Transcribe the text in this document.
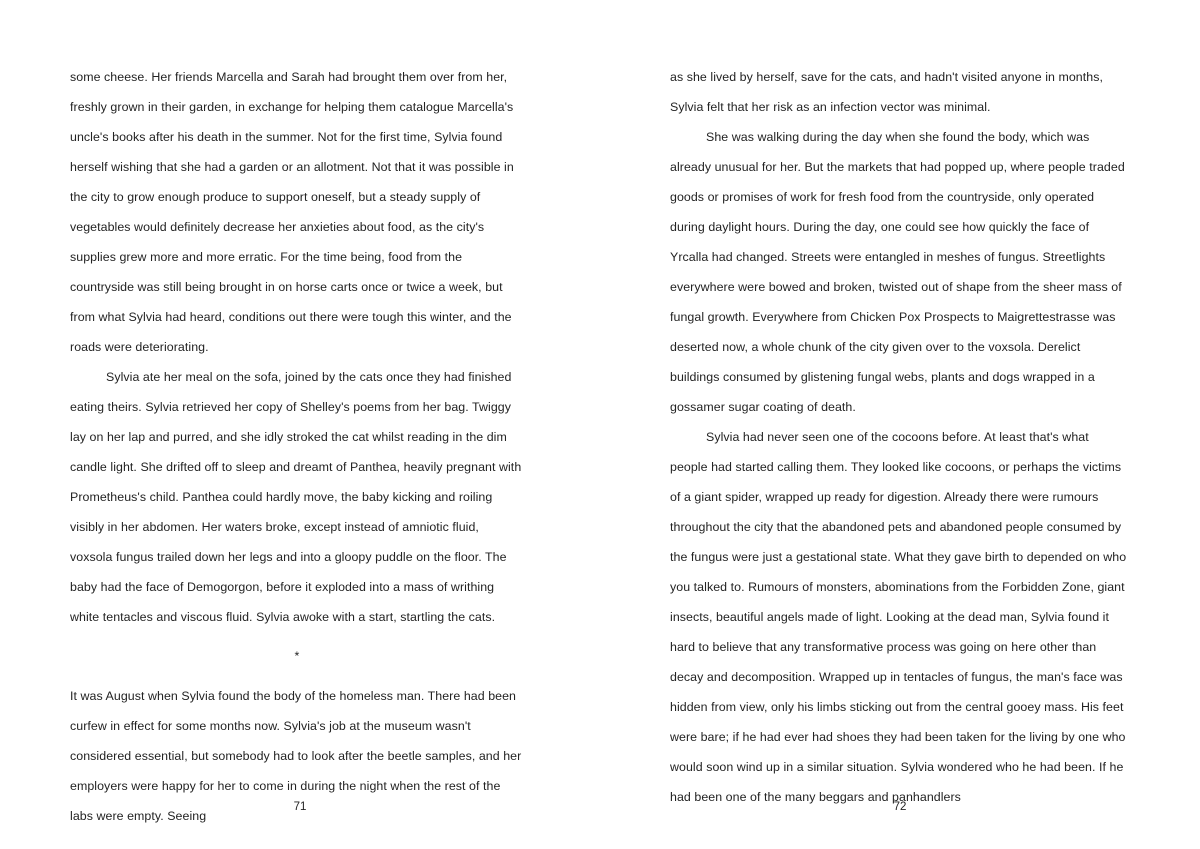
some cheese. Her friends Marcella and Sarah had brought them over from her, freshly grown in their garden, in exchange for helping them catalogue Marcella's uncle's books after his death in the summer. Not for the first time, Sylvia found herself wishing that she had a garden or an allotment. Not that it was possible in the city to grow enough produce to support oneself, but a steady supply of vegetables would definitely decrease her anxieties about food, as the city's supplies grew more and more erratic. For the time being, food from the countryside was still being brought in on horse carts once or twice a week, but from what Sylvia had heard, conditions out there were tough this winter, and the roads were deteriorating.

Sylvia ate her meal on the sofa, joined by the cats once they had finished eating theirs. Sylvia retrieved her copy of Shelley's poems from her bag. Twiggy lay on her lap and purred, and she idly stroked the cat whilst reading in the dim candle light. She drifted off to sleep and dreamt of Panthea, heavily pregnant with Prometheus's child. Panthea could hardly move, the baby kicking and roiling visibly in her abdomen. Her waters broke, except instead of amniotic fluid, voxsola fungus trailed down her legs and into a gloopy puddle on the floor. The baby had the face of Demogorgon, before it exploded into a mass of writhing white tentacles and viscous fluid. Sylvia awoke with a start, startling the cats.

*

It was August when Sylvia found the body of the homeless man. There had been curfew in effect for some months now. Sylvia's job at the museum wasn't considered essential, but somebody had to look after the beetle samples, and her employers were happy for her to come in during the night when the rest of the labs were empty. Seeing

71

as she lived by herself, save for the cats, and hadn't visited anyone in months, Sylvia felt that her risk as an infection vector was minimal.

She was walking during the day when she found the body, which was already unusual for her. But the markets that had popped up, where people traded goods or promises of work for fresh food from the countryside, only operated during daylight hours. During the day, one could see how quickly the face of Yrcalla had changed. Streets were entangled in meshes of fungus. Streetlights everywhere were bowed and broken, twisted out of shape from the sheer mass of fungal growth. Everywhere from Chicken Pox Prospects to Maigrettestrasse was deserted now, a whole chunk of the city given over to the voxsola. Derelict buildings consumed by glistening fungal webs, plants and dogs wrapped in a gossamer sugar coating of death.

Sylvia had never seen one of the cocoons before. At least that's what people had started calling them. They looked like cocoons, or perhaps the victims of a giant spider, wrapped up ready for digestion. Already there were rumours throughout the city that the abandoned pets and abandoned people consumed by the fungus were just a gestational state. What they gave birth to depended on who you talked to. Rumours of monsters, abominations from the Forbidden Zone, giant insects, beautiful angels made of light. Looking at the dead man, Sylvia found it hard to believe that any transformative process was going on here other than decay and decomposition. Wrapped up in tentacles of fungus, the man's face was hidden from view, only his limbs sticking out from the central gooey mass. His feet were bare; if he had ever had shoes they had been taken for the living by one who would soon wind up in a similar situation. Sylvia wondered who he had been. If he had been one of the many beggars and panhandlers

72
